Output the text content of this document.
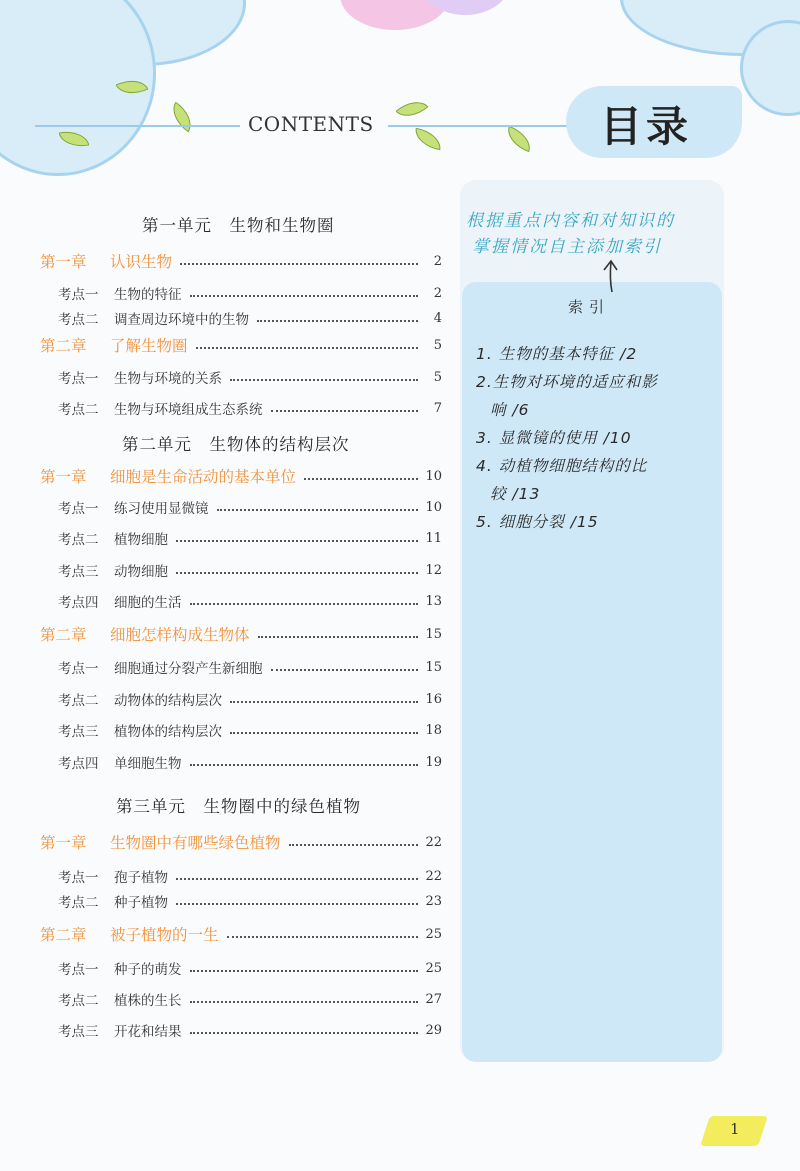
CONTENTS	目录
第一单元　生物和生物圈
第一章	认识生物	2
考点一	生物的特征	2
考点二	调查周边环境中的生物	4
第二章	了解生物圈	5
考点一	生物与环境的关系	5
考点二	生物与环境组成生态系统	7
第二单元　生物体的结构层次
第一章	细胞是生命活动的基本单位	10
考点一	练习使用显微镜	10
考点二	植物细胞	11
考点三	动物细胞	12
考点四	细胞的生活	13
第二章	细胞怎样构成生物体	15
考点一	细胞通过分裂产生新细胞	15
考点二	动物体的结构层次	16
考点三	植物体的结构层次	18
考点四	单细胞生物	19
第三单元　生物圈中的绿色植物
第一章	生物圈中有哪些绿色植物	22
考点一	孢子植物	22
考点二	种子植物	23
第二章	被子植物的一生	25
考点一	种子的萌发	25
考点二	植株的生长	27
考点三	开花和结果	29
根据重点内容和对知识的
掌握情况自主添加索引
索引
1. 生物的基本特征 /2
2.生物对环境的适应和影
响 /6
3. 显微镜的使用 /10
4. 动植物细胞结构的比
较 /13
5. 细胞分裂 /15
1
